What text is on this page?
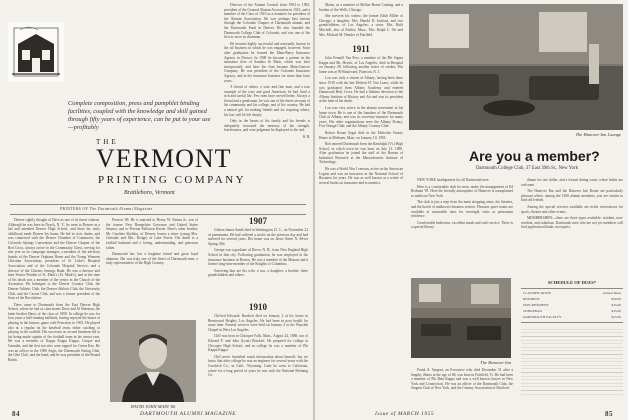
Complete composition, press and pamphlet binding facilities, coupled with the knowledge and skill gained through fifty years of experience, can be put to your use—profitably
THE
VERMONT
PRINTING COMPANY
Brattleboro, Vermont
PRINTERS OF The Dartmouth Alumni Magazine

Director of the Alumni Council from 1903 to 1905, president of the General Alumni Association in 1923, and a member of the Class of 1910 as a nominee for president of the Alumni Association. He was perhaps best known through the Colorado Chapter of Dartmouth alumni, and the Dartmouth Fund in Denver. He also founded the Dartmouth College Club of Colorado, and was one of the first to serve as chairman.

He became highly successful and nationally known in the oil business in which he was engaged, however. Soon after graduation he formed the Main-Barry Insurance Agency in Denver. In 1908 he became a partner in the insurance firm of Sanders & Main, which was later incorporated, and later the firm became Main-Garrow Company. He was president of the Colorado Insurance Agency, and in the insurance business for more than forty years.

A friend of others, a wise and fine man, and a true example of the wise and good American, he had lived a rich and useful life. Few men have served better. Always a friend and a gentleman, he was one of the finest servants of his community and his college, and of his country. He had a natural gift for making friends and for inspiring others; his loss will be felt deeply.

Only in the hearts of his family and his friends is adequately treasured the memory of the strength, fearlessness, and wise judgment he displayed to the end.

W. B.

Denver rightly thought of Dave as one of its finest citizens. Although he was born in Nyack, N. Y., he went to Denver as a lad and attended Denver High School, and there his early childhood made Denver his home. He led in civic duties, and was connected with the Denver Chamber of Commerce, the Colorado Springs Convention and the Denver Chapter of the Red Cross, always active in the Community Chest, serving for one year as its campaign manager; a member of the advisory boards of the Denver Orphans Home and the Young Womens Christian Association; president of St. Luke's Hospital Association and of the Colorado Hospital Service; and a director of the Citizens Savings Bank. He was a director and later Senior Warden of St. Mark's (St. Mark's), and at the time of his death was a member of the vestry in the Church of the Ascension. He belonged to the Denver Country Club, the Denver Athletic Club, the Denver Athletic Club, the University Club, and the Cactus Club, and was a former president of the Sons of the Revolution.

Dave came to Dartmouth from the East Denver High School, where he had as class-mates Dave and Al Sherman, the latter brother Harry of the class of 1908. In college he was for four years a half-running halfback, having enjoyed the honor of playing in the historic game with Princeton in 1903. He played also as a regular on the baseball team, either catching or playing in the outfield. His successes as second baseman led to his being made captain of the football team in his senior year. He was a member of Kappa Kappa Kappa, Casque and Gauntlet, and the first ten who were tapped for Green Key. He was an officer in the 1906 Aegis, the Dartmouth Outing Club, the Glee Club, and the band, and he was president of the Round Robin.

Preston '08. He is married to Henry W. Kenna Jr., son of the former New Hampshire Governor and United States Senator, and to Preston Fullerton Keene. Dave's other brother, Mr. Caroline Sheldon, of Denver, leaves a sister (young Mrs. Gertrude and Mrs. Dodge) of Lake Forest. His death is a faithful husband and a loving, understanding, and generous father.

Dartmouth has lost a longtime friend and great loyal alumnus. His was truly one of the finest of Dartmouth men, a truly representative of the High Country.

DAVID JOHN MAIN '06
1907

Gideon James Sands died in Washington, D. C., on November 22 of pneumonia. He had suffered a stroke on the previous day and had suffered for several years. His home was on Jaeris Street N. Silver Spring, Md.

George was a graduate of Dover, N. H., from New England High School in that city. Following graduation, he was employed in the insurance business in Boston. He was a member of the Masons and a former long-time member of the Knights of Columbus.

Surviving him are his wife, a son, a daughter, a brother, three grandchildren and others.

1910

Clifford Edwards Brackett died on January 2 at his home in Brentwood Heights, Los Angeles. He had been in poor health for some time. Funeral services were held on January 4 at the Wayside Chapel in West Los Angeles.

Cliff was born in Chicopee Falls, Mass., August 24, 1888, son of Edward F. and Julia (Lyon) Brackett. He prepared for college at Chicopee High School, and in college he was a member of Phi Kappa Kappa.

Cliff never furnished much information about himself, but we know that after college he was an engineer for several years with the Goodrich Co., in Calif., Wyoming. Later he went to California, where for a long period of years he was with the National Refining Co.

84	DARTMOUTH ALUMNI MAGAZINE

Maine, as a member of Mellon Home Coming, and a brother of the Wells, Chicago.

She survives his widow, the former Edith Miller of Chicago; a daughter, Mrs. Harold D. Jackson, and two grandchildren, of Los Angeles; a sister, Mrs. Ruth Mitchell, also of Fairlee, Mass.; Mrs. Ralph C. Ott and Mrs. Michael M. Hemler of Fairfield.

1911

John Fennell Van Peer, a member of the Phi Sigma Kappa and Mr. Hewitt, of Los Angeles, died in Hospital on January 28, following another series of strokes. His home was at 90 Boulevard, Paterson, N. J.

Lou was truly a citizen of Albany, having been there since 1918 with the late Herbert H. Van Lease, while he was graduated from Albany Academy and entered Dartmouth Holy Cross. He had a lifetime devotion to the Albany Institute of History and Art and was its president at the time of his death.

Lou was very active in the alumni movement in his home town. He is one of the founders of the Dartmouth Club of Albany, and was its secretary-treasurer for many years. His other organizations were the Albany Rotary, Fort Orange Club, and the Albany Country Club.

Robert Keane Segal died in the Malcolm Veazey Home in Methuen, Mass. on January 10, 1955.

Rob entered Dartmouth from the Randolph (Vt.) High School, in which town he was born on July 21, 1888. After graduation he joined the staff of the Bureau of Industrial Research at the Massachusetts Institute of Technology.

He was a World War I veteran, active in the American Legion and was an instructor at the National School of Business for years. He was as well known as a writer of several books on insurance and economics.

The Hanover Inn Lounge
Are you a member?
Dartmouth College Club, 37 East 39th St., New York

NEW YORK headquarters for all Dartmouth men.

Here is a comfortable club for men, under the management of Ed Redman '05. Here the friendly atmosphere of Hanover is transplanted to midtown New York.

The club is just a step from the main shopping areas, the theaters, and the hotels of midtown's business section. Pleasant, quiet rooms are available at reasonable rates for overnight visits or permanent residence.

Comfortable bedrooms, excellent meals and swift service. There is a special library.

dinner for one dollar, and a formal dining room, where ladies are welcome.

The Hanover Bar and the Hanover Inn Room are particularly pleasant where, among the 1500 alumni members, you are certain to find old friends.

Among the special services available are ticket reservations for sports, theater and other events.

MEMBERSHIPS—there are three types available: resident, non-resident, and suburban. Dartmouth men who are not yet members will find application blanks on request.

The Hanover Inn
SCHEDULE OF DUES*
CLASSIFICATION	Annual Dues
RESIDENT	$50.00
NON-RESIDENT	$25.00
SUBURBAN	$35.00
DARTMOUTH FACULTY	$25.00

Frank A. Sargent, an Executive who died December 31 after a lengthy illness at the age of 68, was born in Fairfield, Vt. He had been a member of Phi Beta Kappa and was a well known lawyer in New York and Connecticut. He was an officer of the Dartmouth Club, the Sargent Club of New York, and the Century Association of Hartford.

Issue of MARCH 1955	85
